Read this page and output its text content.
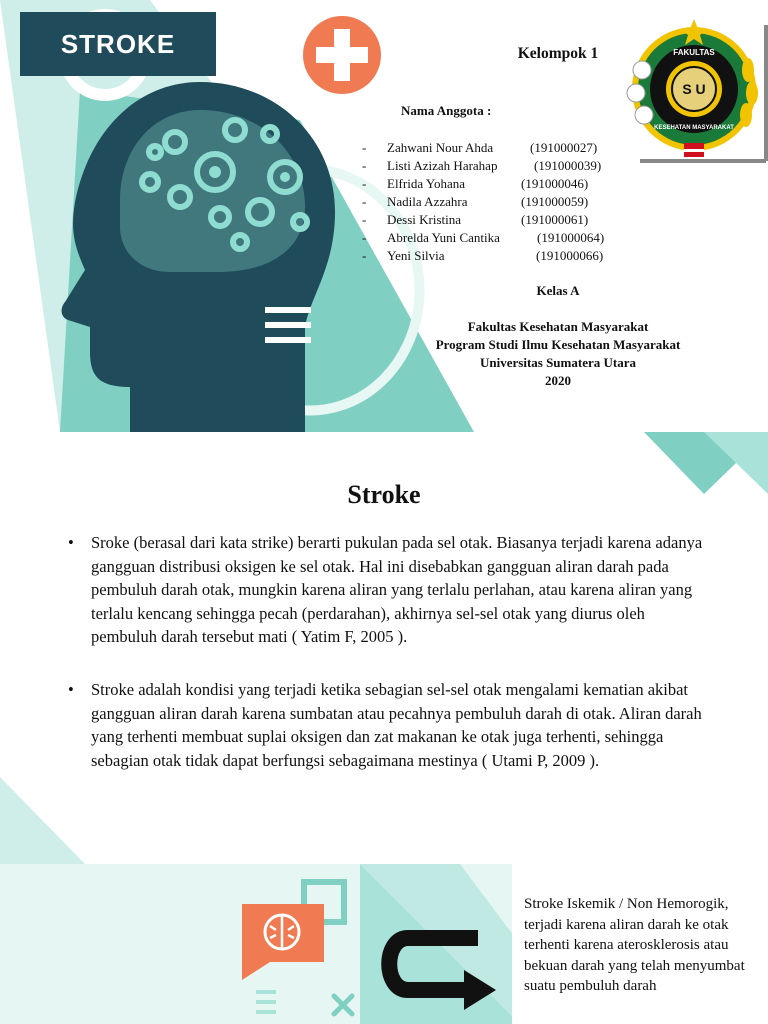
STROKE	Kelompok 1
Nama Anggota :
- Zahwani Nour Ahda	(191000027)
- Listi Azizah Harahap	(191000039)
- Elfrida Yohana	(191000046)
- Nadila Azzahra	(191000059)
- Dessi Kristina	(191000061)
- Abrelda Yuni Cantika	(191000064)
- Yeni Silvia	(191000066)
Kelas A
Fakultas Kesehatan Masyarakat
Program Studi Ilmu Kesehatan Masyarakat
Universitas Sumatera Utara
2020
FAKULTAS
KESEHATAN MASYARAKAT
S U
Stroke
• Sroke (berasal dari kata strike) berarti pukulan pada sel otak. Biasanya terjadi karena adanya gangguan distribusi oksigen ke sel otak. Hal ini disebabkan gangguan aliran darah pada pembuluh darah otak, mungkin karena aliran yang terlalu perlahan, atau karena aliran yang terlalu kencang sehingga pecah (perdarahan), akhirnya sel-sel otak yang diurus oleh pembuluh darah tersebut mati ( Yatim F, 2005 ).
• Stroke adalah kondisi yang terjadi ketika sebagian sel-sel otak mengalami kematian akibat gangguan aliran darah karena sumbatan atau pecahnya pembuluh darah di otak. Aliran darah yang terhenti membuat suplai oksigen dan zat makanan ke otak juga terhenti, sehingga sebagian otak tidak dapat berfungsi sebagaimana mestinya ( Utami P, 2009 ).
Stroke Iskemik / Non Hemorogik, terjadi karena aliran darah ke otak terhenti karena aterosklerosis atau bekuan darah yang telah menyumbat suatu pembuluh darah
